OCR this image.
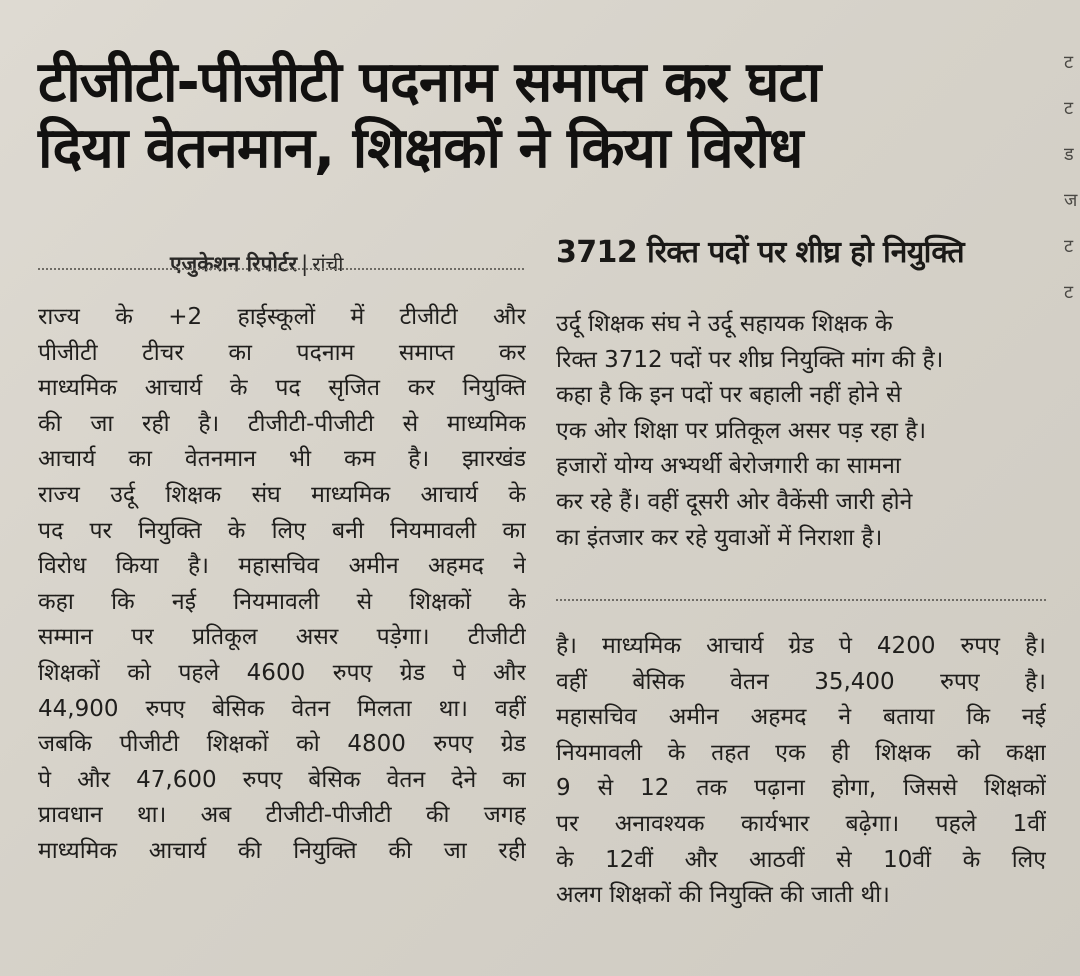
टीजीटी-पीजीटी पदनाम समाप्त कर घटा
दिया वेतनमान, शिक्षकों ने किया विरोध
एजुकेशन रिपोर्टर | रांची	3712 रिक्त पदों पर शीघ्र हो नियुक्ति
राज्य के +2 हाईस्कूलों में टीजीटी और
पीजीटी टीचर का पदनाम समाप्त कर
माध्यमिक आचार्य के पद सृजित कर नियुक्ति
की जा रही है। टीजीटी-पीजीटी से माध्यमिक
आचार्य का वेतनमान भी कम है। झारखंड
राज्य उर्दू शिक्षक संघ माध्यमिक आचार्य के
पद पर नियुक्ति के लिए बनी नियमावली का
विरोध किया है। महासचिव अमीन अहमद ने
कहा कि नई नियमावली से शिक्षकों के
सम्मान पर प्रतिकूल असर पड़ेगा। टीजीटी
शिक्षकों को पहले 4600 रुपए ग्रेड पे और
44,900 रुपए बेसिक वेतन मिलता था। वहीं
जबकि पीजीटी शिक्षकों को 4800 रुपए ग्रेड
पे और 47,600 रुपए बेसिक वेतन देने का
प्रावधान था। अब टीजीटी-पीजीटी की जगह
माध्यमिक आचार्य की नियुक्ति की जा रही
उर्दू शिक्षक संघ ने उर्दू सहायक शिक्षक के
रिक्त 3712 पदों पर शीघ्र नियुक्ति मांग की है।
कहा है कि इन पदों पर बहाली नहीं होने से
एक ओर शिक्षा पर प्रतिकूल असर पड़ रहा है।
हजारों योग्य अभ्यर्थी बेरोजगारी का सामना
कर रहे हैं। वहीं दूसरी ओर वैकेंसी जारी होने
का इंतजार कर रहे युवाओं में निराशा है।
है। माध्यमिक आचार्य ग्रेड पे 4200 रुपए है।
वहीं बेसिक वेतन 35,400 रुपए है।
महासचिव अमीन अहमद ने बताया कि नई
नियमावली के तहत एक ही शिक्षक को कक्षा
9 से 12 तक पढ़ाना होगा, जिससे शिक्षकों
पर अनावश्यक कार्यभार बढ़ेगा। पहले 1वीं
के 12वीं और आठवीं से 10वीं के लिए
अलग शिक्षकों की नियुक्ति की जाती थी।
ट
ट
ड
ज
ट
ट
